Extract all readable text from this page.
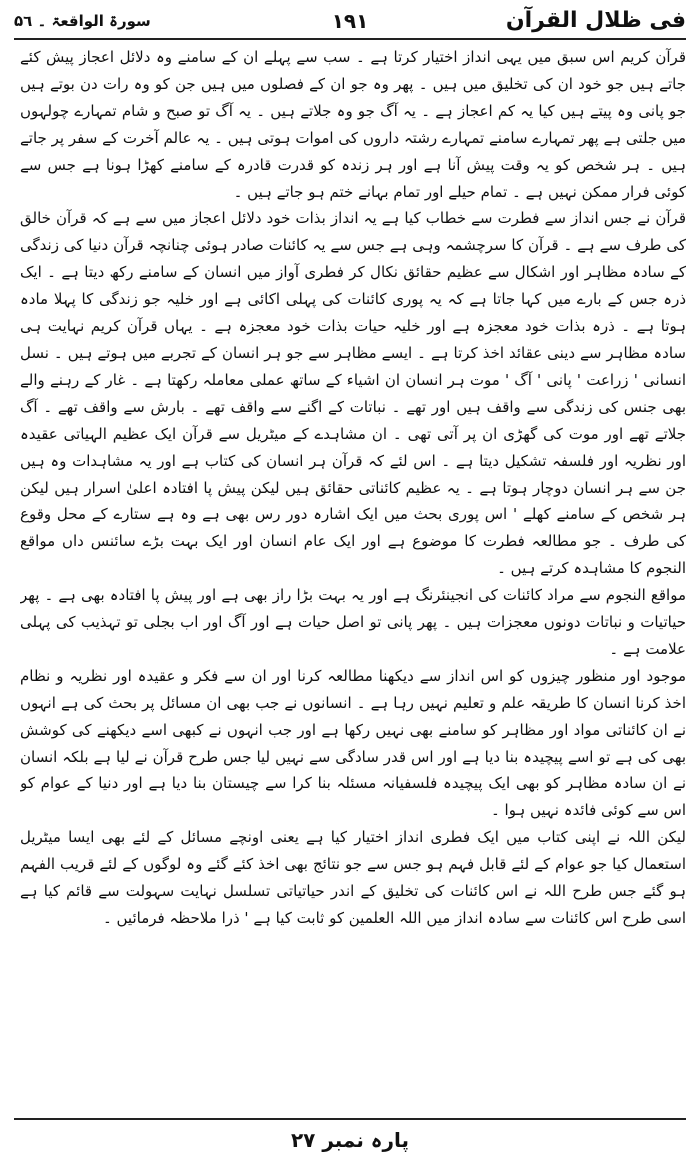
فی ظلال القرآن
۱۹۱
سورۃ الواقعۃ ۔ ۵٦

قرآن کریم اس سبق میں یہی انداز اختیار کرتا ہے ۔ سب سے پہلے ان کے سامنے وہ دلائل اعجاز پیش کئے جاتے ہیں جو خود ان کی تخلیق میں ہیں ۔ پھر وہ جو ان کے فصلوں میں ہیں جن کو وہ رات دن بوتے ہیں جو پانی وہ پیتے ہیں کیا یہ کم اعجاز ہے ۔ یہ آگ جو وہ جلاتے ہیں ۔ یہ آگ تو صبح و شام تمہارے چولہوں میں جلتی ہے پھر تمہارے سامنے تمہارے رشتہ داروں کی اموات ہوتی ہیں ۔ یہ عالم آخرت کے سفر پر جاتے ہیں ۔ ہر شخص کو یہ وقت پیش آنا ہے اور ہر زندہ کو قدرت قادرہ کے سامنے کھڑا ہونا ہے جس سے کوئی فرار ممکن نہیں ہے ۔ تمام حیلے اور تمام بہانے ختم ہو جاتے ہیں ۔

قرآن نے جس انداز سے فطرت سے خطاب کیا ہے یہ انداز بذات خود دلائل اعجاز میں سے ہے کہ قرآن خالق کی طرف سے ہے ۔ قرآن کا سرچشمہ وہی ہے جس سے یہ کائنات صادر ہوئی چنانچہ قرآن دنیا کی زندگی کے سادہ مظاہر اور اشکال سے عظیم حقائق نکال کر فطری آواز میں انسان کے سامنے رکھ دیتا ہے ۔ ایک ذرہ جس کے بارے میں کہا جاتا ہے کہ یہ پوری کائنات کی پہلی اکائی ہے اور خلیہ جو زندگی کا پہلا مادہ ہوتا ہے ۔ ذرہ بذات خود معجزہ ہے اور خلیہ حیات بذات خود معجزہ ہے ۔ یہاں قرآن کریم نہایت ہی سادہ مظاہر سے دینی عقائد اخذ کرتا ہے ۔ ایسے مظاہر سے جو ہر انسان کے تجربے میں ہوتے ہیں ۔ نسل انسانی ' زراعت ' پانی ' آگ ' موت ہر انسان ان اشیاء کے ساتھ عملی معاملہ رکھتا ہے ۔ غار کے رہنے والے بھی جنس کی زندگی سے واقف ہیں اور تھے ۔ نباتات کے اگنے سے واقف تھے ۔ بارش سے واقف تھے ۔ آگ جلاتے تھے اور موت کی گھڑی ان پر آتی تھی ۔ ان مشاہدے کے میٹریل سے قرآن ایک عظیم الہیاتی عقیدہ اور نظریہ اور فلسفہ تشکیل دیتا ہے ۔ اس لئے کہ قرآن ہر انسان کی کتاب ہے اور یہ مشاہدات وہ ہیں جن سے ہر انسان دوچار ہوتا ہے ۔ یہ عظیم کائناتی حقائق ہیں لیکن پیش پا افتادہ اعلیٰ اسرار ہیں لیکن ہر شخص کے سامنے کھلے ' اس پوری بحث میں ایک اشارہ دور رس بھی ہے وہ ہے ستارے کے محل وقوع کی طرف ۔ جو مطالعہ فطرت کا موضوع ہے اور ایک عام انسان اور ایک بہت بڑے سائنس داں مواقع النجوم کا مشاہدہ کرتے ہیں ۔

مواقع النجوم سے مراد کائنات کی انجینئرنگ ہے اور یہ بہت بڑا راز بھی ہے اور پیش پا افتادہ بھی ہے ۔ پھر حیاتیات و نباتات دونوں معجزات ہیں ۔ پھر پانی تو اصل حیات ہے اور آگ اور اب بجلی تو تہذیب کی پہلی علامت ہے ۔

موجود اور منظور چیزوں کو اس انداز سے دیکھنا مطالعہ کرنا اور ان سے فکر و عقیدہ اور نظریہ و نظام اخذ کرنا انسان کا طریقہ علم و تعلیم نہیں رہا ہے ۔ انسانوں نے جب بھی ان مسائل پر بحث کی ہے انہوں نے ان کائناتی مواد اور مظاہر کو سامنے بھی نہیں رکھا ہے اور جب انہوں نے کبھی اسے دیکھنے کی کوشش بھی کی ہے تو اسے پیچیدہ بنا دیا ہے اور اس قدر سادگی سے نہیں لیا جس طرح قرآن نے لیا ہے بلکہ انسان نے ان سادہ مظاہر کو بھی ایک پیچیدہ فلسفیانہ مسئلہ بنا کرا سے چیستان بنا دیا ہے اور دنیا کے عوام کو اس سے کوئی فائدہ نہیں ہوا ۔

لیکن اللہ نے اپنی کتاب میں ایک فطری انداز اختیار کیا ہے یعنی اونچے مسائل کے لئے بھی ایسا میٹریل استعمال کیا جو عوام کے لئے قابل فہم ہو جس سے جو نتائج بھی اخذ کئے گئے وہ لوگوں کے لئے قریب الفہم ہو گئے جس طرح اللہ نے اس کائنات کی تخلیق کے اندر حیاتیاتی تسلسل نہایت سہولت سے قائم کیا ہے اسی طرح اس کائنات سے سادہ انداز میں اللہ العلمین کو ثابت کیا ہے ' ذرا ملاحظہ فرمائیں ۔

پارہ نمبر ۲۷
